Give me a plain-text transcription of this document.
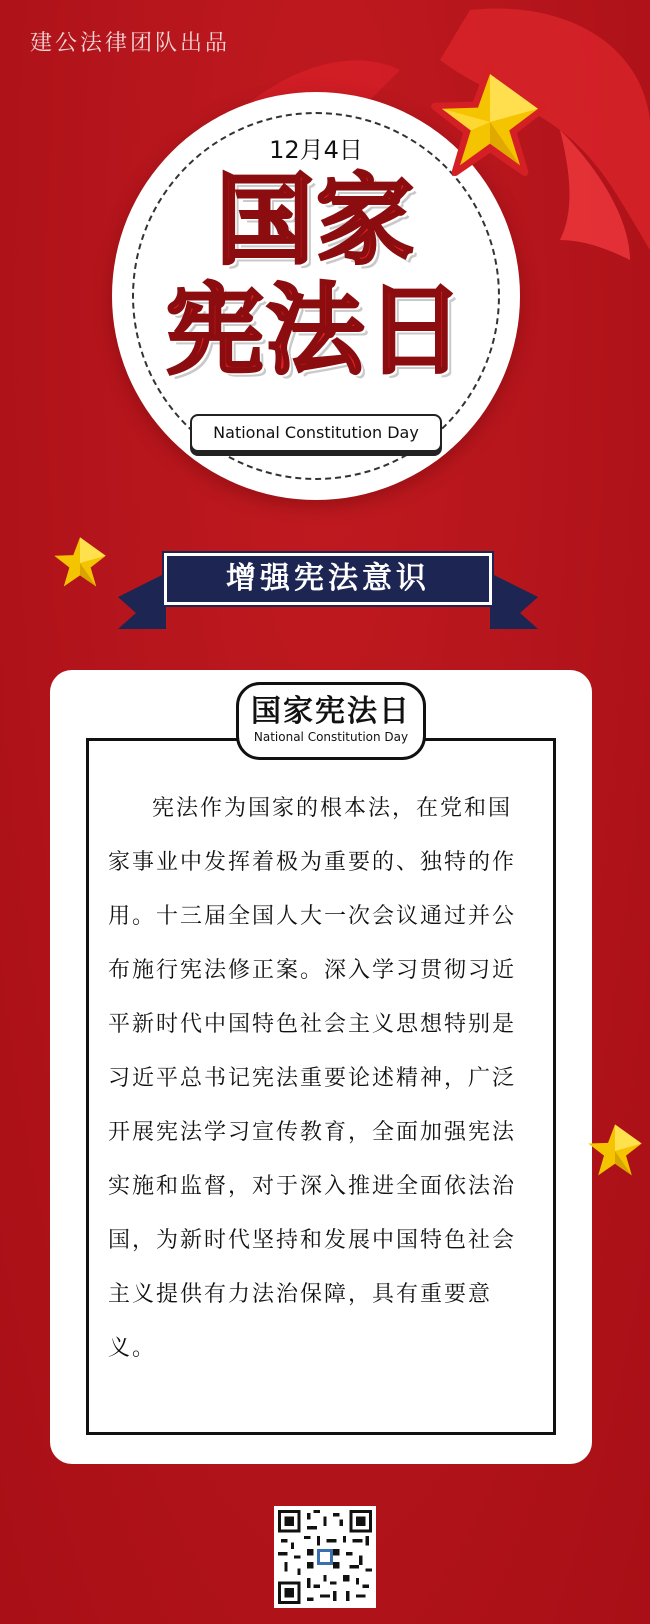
建公法律团队出品
12月4日
国家
宪法日
National Constitution Day
增强宪法意识
国家宪法日
National Constitution Day
宪法作为国家的根本法，在党和国家事业中发挥着极为重要的、独特的作用。十三届全国人大一次会议通过并公布施行宪法修正案。深入学习贯彻习近平新时代中国特色社会主义思想特别是习近平总书记宪法重要论述精神，广泛开展宪法学习宣传教育，全面加强宪法实施和监督，对于深入推进全面依法治国，为新时代坚持和发展中国特色社会主义提供有力法治保障，具有重要意义。
